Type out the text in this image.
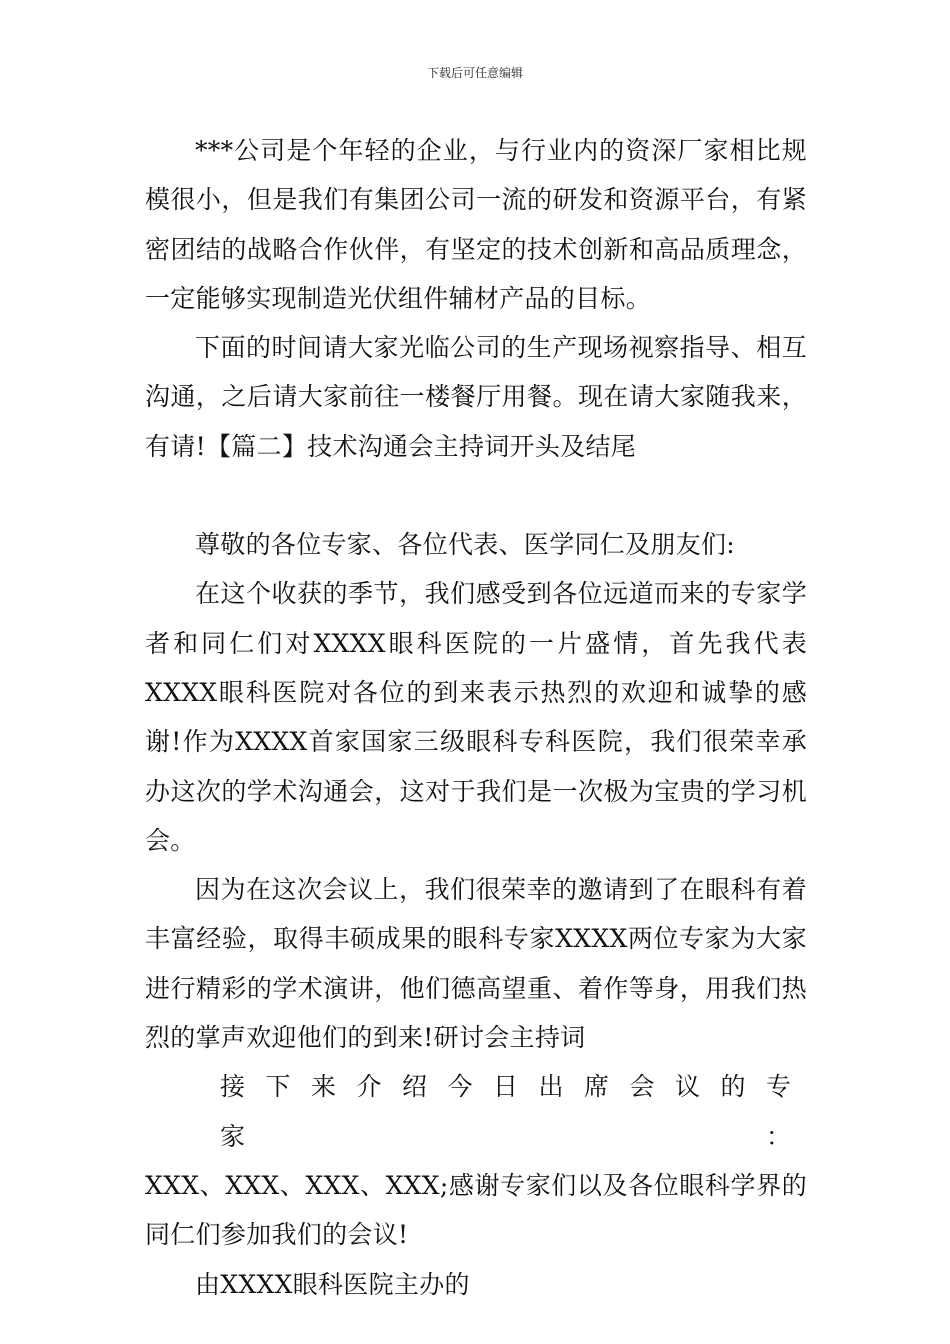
下载后可任意编辑

***公司是个年轻的企业，与行业内的资深厂家相比规模很小，但是我们有集团公司一流的研发和资源平台，有紧密团结的战略合作伙伴，有坚定的技术创新和高品质理念，一定能够实现制造光伏组件辅材产品的目标。

下面的时间请大家光临公司的生产现场视察指导、相互沟通，之后请大家前往一楼餐厅用餐。现在请大家随我来，有请!【篇二】技术沟通会主持词开头及结尾

尊敬的各位专家、各位代表、医学同仁及朋友们:

在这个收获的季节，我们感受到各位远道而来的专家学者和同仁们对XXXX眼科医院的一片盛情，首先我代表XXXX眼科医院对各位的到来表示热烈的欢迎和诚挚的感谢!作为XXXX首家国家三级眼科专科医院，我们很荣幸承办这次的学术沟通会，这对于我们是一次极为宝贵的学习机会。

因为在这次会议上，我们很荣幸的邀请到了在眼科有着丰富经验，取得丰硕成果的眼科专家XXXX两位专家为大家进行精彩的学术演讲，他们德高望重、着作等身，用我们热烈的掌声欢迎他们的到来!研讨会主持词

接下来介绍今日出席会议的专家：
XXX、XXX、XXX、XXX;感谢专家们以及各位眼科学界的同仁们参加我们的会议!

由XXXX眼科医院主办的
